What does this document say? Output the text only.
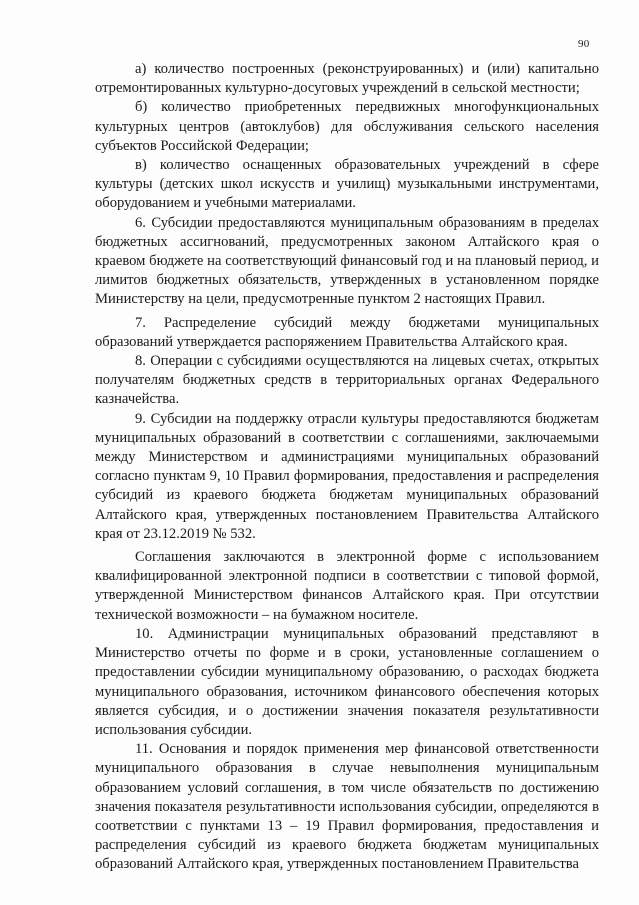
90

а) количество построенных (реконструированных) и (или) капитально отремонтированных культурно-досуговых учреждений в сельской местности;

б) количество приобретенных передвижных многофункциональных культурных центров (автоклубов) для обслуживания сельского населения субъектов Российской Федерации;

в) количество оснащенных образовательных учреждений в сфере культуры (детских школ искусств и училищ) музыкальными инструментами, оборудованием и учебными материалами.

6. Субсидии предоставляются муниципальным образованиям в пределах бюджетных ассигнований, предусмотренных законом Алтайского края о краевом бюджете на соответствующий финансовый год и на плановый период, и лимитов бюджетных обязательств, утвержденных в установленном порядке Министерству на цели, предусмотренные пунктом 2 настоящих Правил.

7. Распределение субсидий между бюджетами муниципальных образований утверждается распоряжением Правительства Алтайского края.

8. Операции с субсидиями осуществляются на лицевых счетах, открытых получателям бюджетных средств в территориальных органах Федерального казначейства.

9. Субсидии на поддержку отрасли культуры предоставляются бюджетам муниципальных образований в соответствии с соглашениями, заключаемыми между Министерством и администрациями муниципальных образований согласно пунктам 9, 10 Правил формирования, предоставления и распределения субсидий из краевого бюджета бюджетам муниципальных образований Алтайского края, утвержденных постановлением Правительства Алтайского края от 23.12.2019 № 532.

Соглашения заключаются в электронной форме с использованием квалифицированной электронной подписи в соответствии с типовой формой, утвержденной Министерством финансов Алтайского края. При отсутствии технической возможности – на бумажном носителе.

10. Администрации муниципальных образований представляют в Министерство отчеты по форме и в сроки, установленные соглашением о предоставлении субсидии муниципальному образованию, о расходах бюджета муниципального образования, источником финансового обеспечения которых является субсидия, и о достижении значения показателя результативности использования субсидии.

11. Основания и порядок применения мер финансовой ответственности муниципального образования в случае невыполнения муниципальным образованием условий соглашения, в том числе обязательств по достижению значения показателя результативности использования субсидии, определяются в соответствии с пунктами 13 – 19 Правил формирования, предоставления и распределения субсидий из краевого бюджета бюджетам муниципальных образований Алтайского края, утвержденных постановлением Правительства
